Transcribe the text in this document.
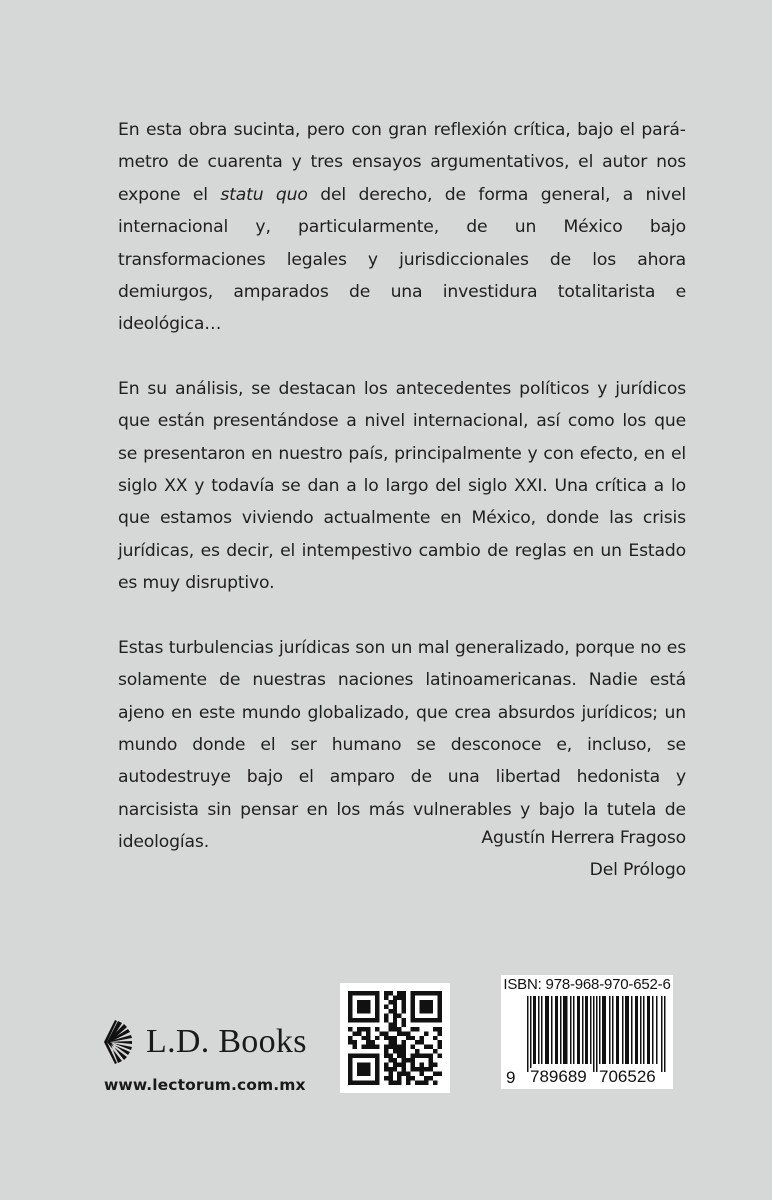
En esta obra sucinta, pero con gran reflexión crítica, bajo el parámetro de cuarenta y tres ensayos argumentativos, el autor nos expone el statu quo del derecho, de forma general, a nivel internacional y, particularmente, de un México bajo transformaciones legales y jurisdiccionales de los ahora demiurgos, amparados de una investidura totalitarista e ideológica…

En su análisis, se destacan los antecedentes políticos y jurídicos que están presentándose a nivel internacional, así como los que se presentaron en nuestro país, principalmente y con efecto, en el siglo XX y todavía se dan a lo largo del siglo XXI. Una crítica a lo que estamos viviendo actualmente en México, donde las crisis jurídicas, es decir, el intempestivo cambio de reglas en un Estado es muy disruptivo.

Estas turbulencias jurídicas son un mal generalizado, porque no es solamente de nuestras naciones latinoamericanas. Nadie está ajeno en este mundo globalizado, que crea absurdos jurídicos; un mundo donde el ser humano se desconoce e, incluso, se autodestruye bajo el amparo de una libertad hedonista y narcisista sin pensar en los más vulnerables y bajo la tutela de ideologías.	Agustín Herrera Fragoso
Del Prólogo
L.D. Books
www.lectorum.com.mx
ISBN: 978-968-970-652-6
9 789689 706526
